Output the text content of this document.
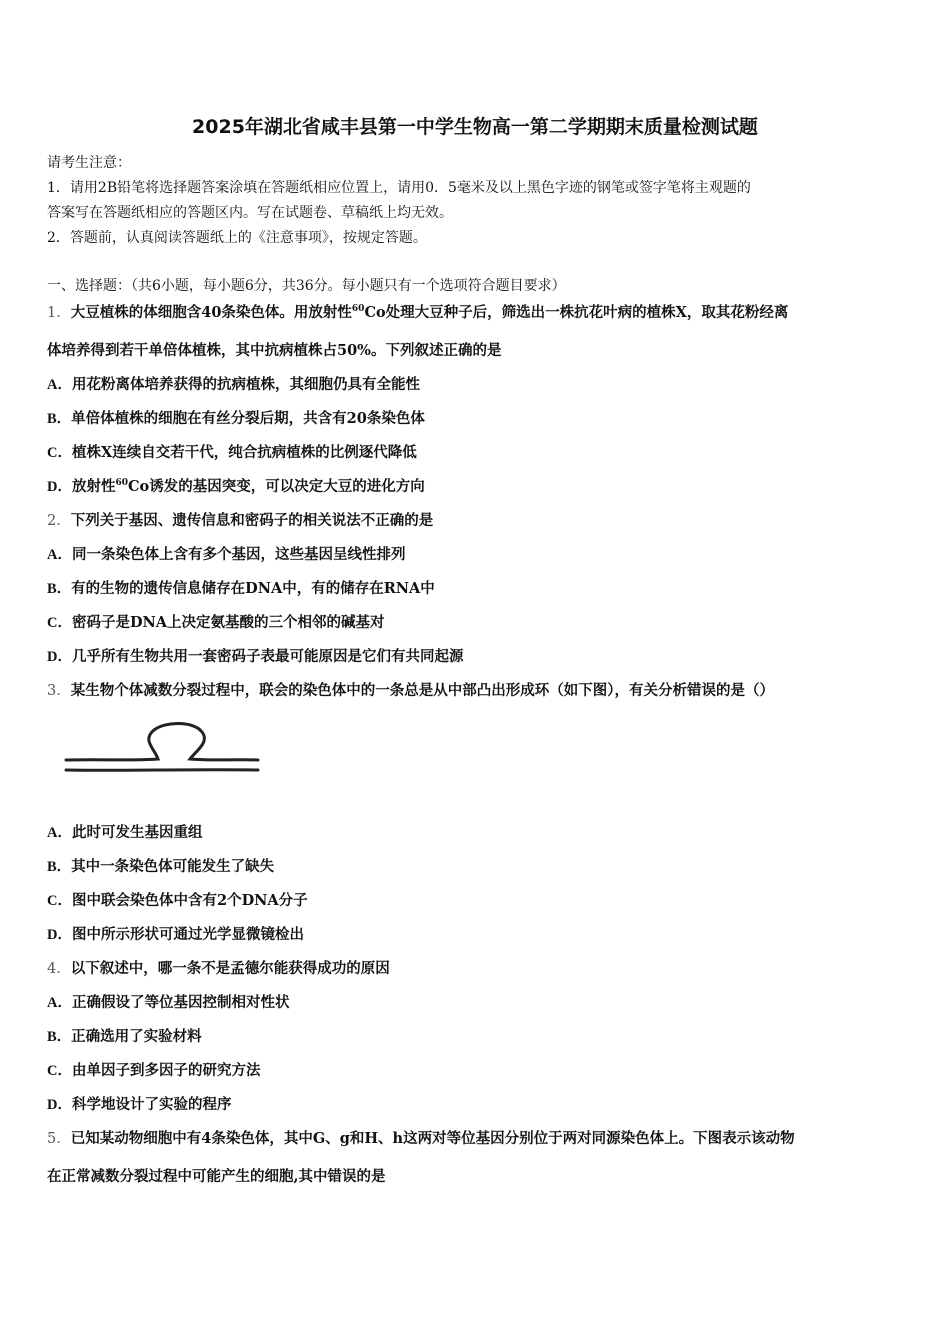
2025年湖北省咸丰县第一中学生物高一第二学期期末质量检测试题
请考生注意：
1．请用2B铅笔将选择题答案涂填在答题纸相应位置上，请用0．5毫米及以上黑色字迹的钢笔或签字笔将主观题的
答案写在答题纸相应的答题区内。写在试题卷、草稿纸上均无效。
2．答题前，认真阅读答题纸上的《注意事项》，按规定答题。
一、选择题：（共6小题，每小题6分，共36分。每小题只有一个选项符合题目要求）
1．大豆植株的体细胞含40条染色体。用放射性$^{60}$Co处理大豆种子后，筛选出一株抗花叶病的植株X，取其花粉经离
体培养得到若干单倍体植株，其中抗病植株占50%。下列叙述正确的是
A．用花粉离体培养获得的抗病植株，其细胞仍具有全能性
B．单倍体植株的细胞在有丝分裂后期，共含有20条染色体
C．植株X连续自交若干代，纯合抗病植株的比例逐代降低
D．放射性$^{60}$Co诱发的基因突变，可以决定大豆的进化方向
2．下列关于基因、遗传信息和密码子的相关说法不正确的是
A．同一条染色体上含有多个基因，这些基因呈线性排列
B．有的生物的遗传信息储存在DNA中，有的储存在RNA中
C．密码子是DNA上决定氨基酸的三个相邻的碱基对
D．几乎所有生物共用一套密码子表最可能原因是它们有共同起源
3．某生物个体减数分裂过程中，联会的染色体中的一条总是从中部凸出形成环（如下图），有关分析错误的是（）
A．此时可发生基因重组
B．其中一条染色体可能发生了缺失
C．图中联会染色体中含有2个DNA分子
D．图中所示形状可通过光学显微镜检出
4．以下叙述中，哪一条不是孟德尔能获得成功的原因
A．正确假设了等位基因控制相对性状
B．正确选用了实验材料
C．由单因子到多因子的研究方法
D．科学地设计了实验的程序
5．已知某动物细胞中有4条染色体，其中G、g和H、h这两对等位基因分别位于两对同源染色体上。下图表示该动物
在正常减数分裂过程中可能产生的细胞,其中错误的是
